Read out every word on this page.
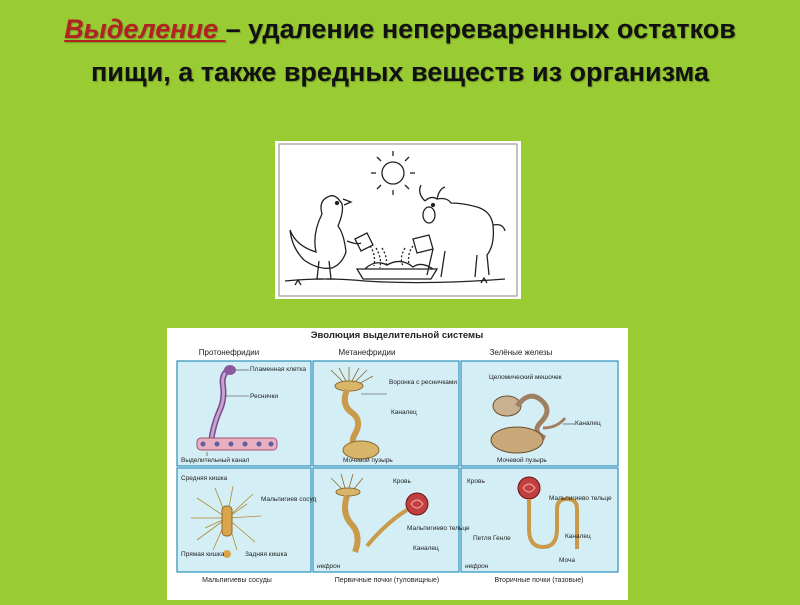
Выделение – удаление непереваренных остатков пищи, а также вредных веществ из организма
Эволюция выделительной системы
Протонефридии	Метанефридии	Зелёные железы
Пламенная клетка
Реснички
Выделительный канал
Воронка с ресничками
Каналец
Мочевой пузырь
Целомический мешочек
Каналец
Мочевой пузырь
Средняя кишка
Мальпигиев сосуд
Прямая кишка	Задняя кишка
Кровь
Мальпигиево тельце
Каналец
нефрон
Кровь
Мальпигиево тельце
Петля Генле	Каналец
Моча
нефрон
Мальпигиевы сосуды	Первичные почки (туловищные)	Вторичные почки (тазовые)
